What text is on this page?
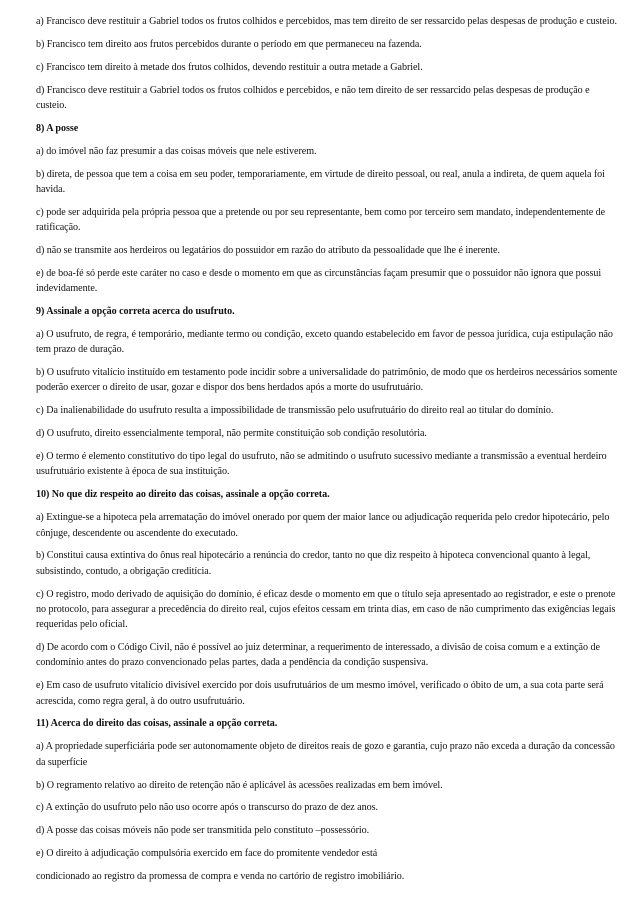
a) Francisco deve restituir a Gabriel todos os frutos colhidos e percebidos, mas tem direito de ser ressarcido pelas despesas de produção e custeio.

b) Francisco tem direito aos frutos percebidos durante o período em que permaneceu na fazenda.

c) Francisco tem direito à metade dos frutos colhidos, devendo restituir a outra metade a Gabriel.

d) Francisco deve restituir a Gabriel todos os frutos colhidos e percebidos, e não tem direito de ser ressarcido pelas despesas de produção e custeio.

8) A posse

a) do imóvel não faz presumir a das coisas móveis que nele estiverem.

b) direta, de pessoa que tem a coisa em seu poder, temporariamente, em virtude de direito pessoal, ou real, anula a indireta, de quem aquela foi havida.

c) pode ser adquirida pela própria pessoa que a pretende ou por seu representante, bem como por terceiro sem mandato, independentemente de ratificação.

d) não se transmite aos herdeiros ou legatários do possuidor em razão do atributo da pessoalidade que lhe é inerente.

e) de boa-fé só perde este caráter no caso e desde o momento em que as circunstâncias façam presumir que o possuidor não ignora que possui indevidamente.

9) Assinale a opção correta acerca do usufruto.

a) O usufruto, de regra, é temporário, mediante termo ou condição, exceto quando estabelecido em favor de pessoa jurídica, cuja estipulação não tem prazo de duração.

b) O usufruto vitalício instituído em testamento pode incidir sobre a universalidade do patrimônio, de modo que os herdeiros necessários somente poderão exercer o direito de usar, gozar e dispor dos bens herdados após a morte do usufrutuário.

c) Da inalienabilidade do usufruto resulta a impossibilidade de transmissão pelo usufrutuário do direito real ao titular do domínio.

d) O usufruto, direito essencialmente temporal, não permite constituição sob condição resolutória.

e) O termo é elemento constitutivo do tipo legal do usufruto, não se admitindo o usufruto sucessivo mediante a transmissão a eventual herdeiro usufrutuário existente à época de sua instituição.

10) No que diz respeito ao direito das coisas, assinale a opção correta.

a) Extingue-se a hipoteca pela arrematação do imóvel onerado por quem der maior lance ou adjudicação requerida pelo credor hipotecário, pelo cônjuge, descendente ou ascendente do executado.

b) Constitui causa extintiva do ônus real hipotecário a renúncia do credor, tanto no que diz respeito à hipoteca convencional quanto à legal, subsistindo, contudo, a obrigação creditícia.

c) O registro, modo derivado de aquisição do domínio, é eficaz desde o momento em que o título seja apresentado ao registrador, e este o prenote no protocolo, para assegurar a precedência do direito real, cujos efeitos cessam em trinta dias, em caso de não cumprimento das exigências legais requeridas pelo oficial.

d) De acordo com o Código Civil, não é possível ao juiz determinar, a requerimento de interessado, a divisão de coisa comum e a extinção de condomínio antes do prazo convencionado pelas partes, dada a pendência da condição suspensiva.

e) Em caso de usufruto vitalício divisível exercido por dois usufrutuários de um mesmo imóvel, verificado o óbito de um, a sua cota parte será acrescida, como regra geral, à do outro usufrutuário.

11) Acerca do direito das coisas, assinale a opção correta.

a) A propriedade superficiária pode ser autonomamente objeto de direitos reais de gozo e garantia, cujo prazo não exceda a duração da concessão da superfície

b) O regramento relativo ao direito de retenção não é aplicável às acessões realizadas em bem imóvel.

c) A extinção do usufruto pelo não uso ocorre após o transcurso do prazo de dez anos.

d) A posse das coisas móveis não pode ser transmitida pelo constituto –possessório.

e) O direito à adjudicação compulsória exercido em face do promitente vendedor está

condicionado ao registro da promessa de compra e venda no cartório de registro imobiliário.
